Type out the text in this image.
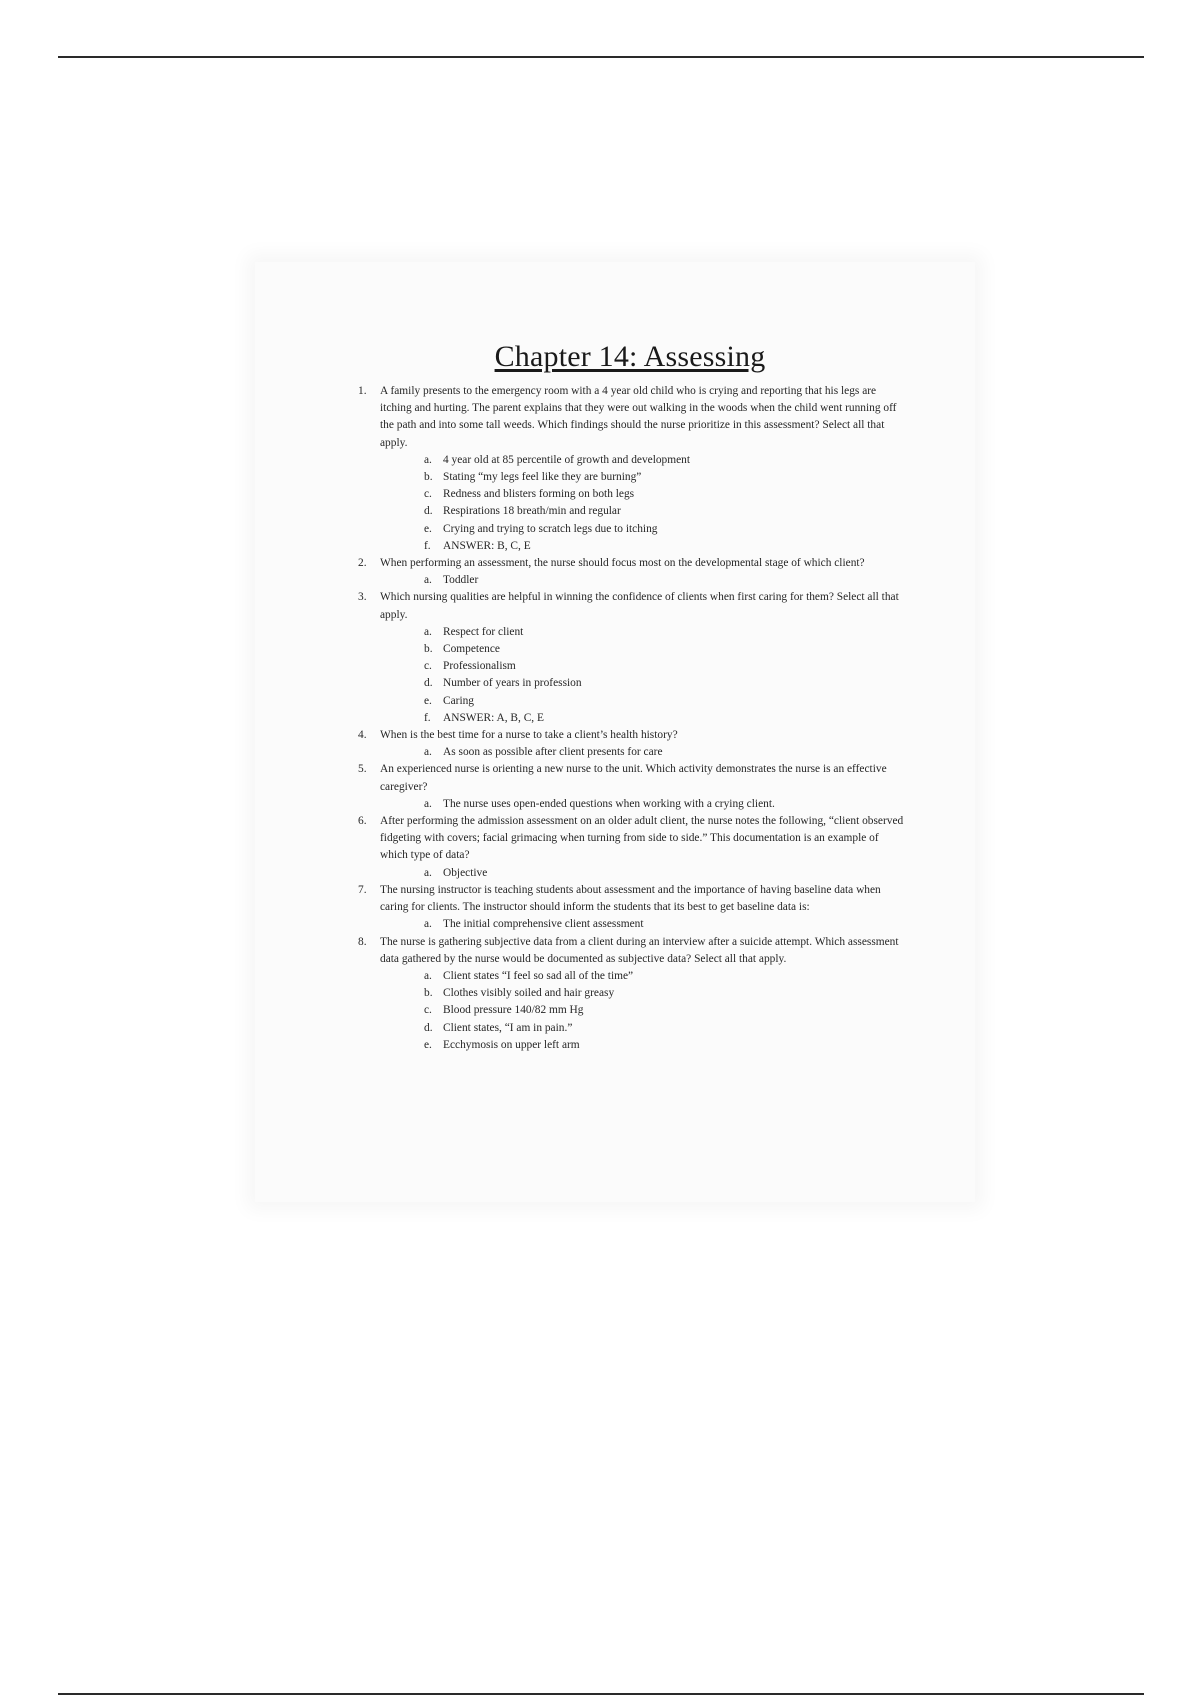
Chapter 14: Assessing
1. A family presents to the emergency room with a 4 year old child who is crying and reporting that his legs are itching and hurting. The parent explains that they were out walking in the woods when the child went running off the path and into some tall weeds. Which findings should the nurse prioritize in this assessment? Select all that apply.
a. 4 year old at 85 percentile of growth and development
b. Stating “my legs feel like they are burning”
c. Redness and blisters forming on both legs
d. Respirations 18 breath/min and regular
e. Crying and trying to scratch legs due to itching
f. ANSWER: B, C, E
2. When performing an assessment, the nurse should focus most on the developmental stage of which client?
a. Toddler
3. Which nursing qualities are helpful in winning the confidence of clients when first caring for them? Select all that apply.
a. Respect for client
b. Competence
c. Professionalism
d. Number of years in profession
e. Caring
f. ANSWER: A, B, C, E
4. When is the best time for a nurse to take a client’s health history?
a. As soon as possible after client presents for care
5. An experienced nurse is orienting a new nurse to the unit. Which activity demonstrates the nurse is an effective caregiver?
a. The nurse uses open-ended questions when working with a crying client.
6. After performing the admission assessment on an older adult client, the nurse notes the following, “client observed fidgeting with covers; facial grimacing when turning from side to side.” This documentation is an example of which type of data?
a. Objective
7. The nursing instructor is teaching students about assessment and the importance of having baseline data when caring for clients. The instructor should inform the students that its best to get baseline data is:
a. The initial comprehensive client assessment
8. The nurse is gathering subjective data from a client during an interview after a suicide attempt. Which assessment data gathered by the nurse would be documented as subjective data? Select all that apply.
a. Client states “I feel so sad all of the time”
b. Clothes visibly soiled and hair greasy
c. Blood pressure 140/82 mm Hg
d. Client states, “I am in pain.”
e. Ecchymosis on upper left arm
